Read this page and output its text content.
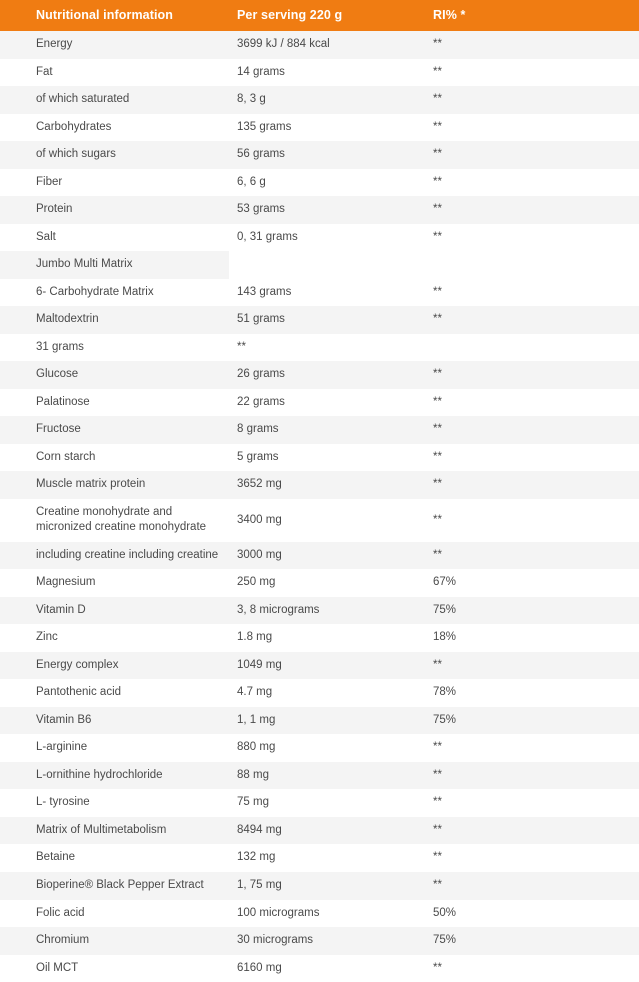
Nutritional information	Per serving 220 g	RI% *
Energy	3699 kJ / 884 kcal	**
Fat	14 grams	**
of which saturated	8, 3 g	**
Carbohydrates	135 grams	**
of which sugars	56 grams	**
Fiber	6, 6 g	**
Protein	53 grams	**
Salt	0, 31 grams	**
Jumbo Multi Matrix		
6- Carbohydrate Matrix	143 grams	**
Maltodextrin	51 grams	**
31 grams	**	
Glucose	26 grams	**
Palatinose	22 grams	**
Fructose	8 grams	**
Corn starch	5 grams	**
Muscle matrix protein	3652 mg	**
Creatine monohydrate and micronized creatine monohydrate	3400 mg	**
including creatine including creatine	3000 mg	**
Magnesium	250 mg	67%
Vitamin D	3, 8 micrograms	75%
Zinc	1.8 mg	18%
Energy complex	1049 mg	**
Pantothenic acid	4.7 mg	78%
Vitamin B6	1, 1 mg	75%
L-arginine	880 mg	**
L-ornithine hydrochloride	88 mg	**
L- tyrosine	75 mg	**
Matrix of Multimetabolism	8494 mg	**
Betaine	132 mg	**
Bioperine® Black Pepper Extract	1, 75 mg	**
Folic acid	100 micrograms	50%
Chromium	30 micrograms	75%
Oil MCT	6160 mg	**
